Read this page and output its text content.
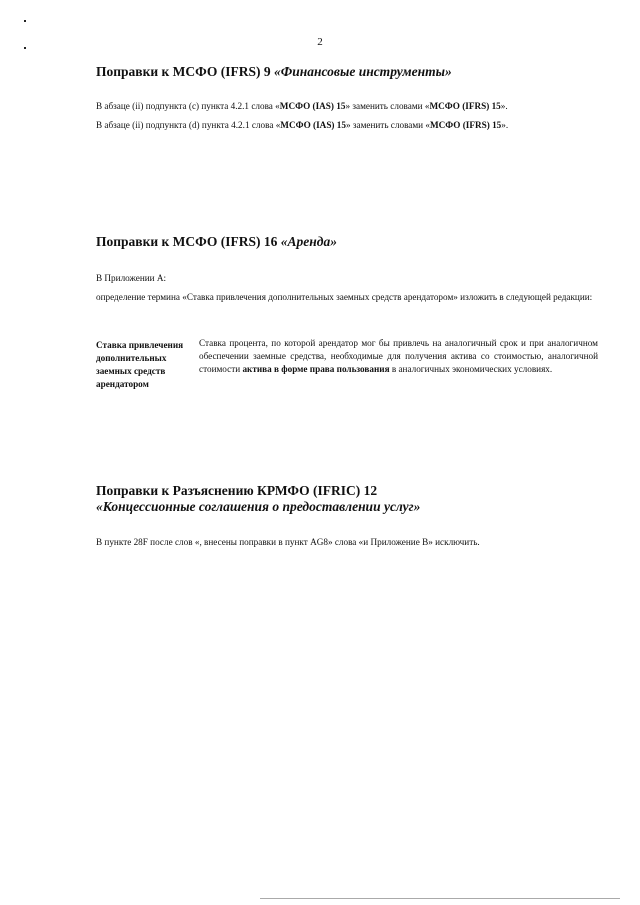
2
Поправки к МСФО (IFRS) 9 «Финансовые инструменты»
В абзаце (ii) подпункта (c) пункта 4.2.1 слова «МСФО (IAS) 15» заменить словами «МСФО (IFRS) 15».
В абзаце (ii) подпункта (d) пункта 4.2.1 слова «МСФО (IAS) 15» заменить словами «МСФО (IFRS) 15».
Поправки к МСФО (IFRS) 16 «Аренда»
В Приложении А:
определение термина «Ставка привлечения дополнительных заемных средств арендатором» изложить в следующей редакции:
Ставка привлечения дополнительных заемных средств арендатором
Ставка процента, по которой арендатор мог бы привлечь на аналогичный срок и при аналогичном обеспечении заемные средства, необходимые для получения актива со стоимостью, аналогичной стоимости актива в форме права пользования в аналогичных экономических условиях.
Поправки к Разъяснению КРМФО (IFRIC) 12
«Концессионные соглашения о предоставлении услуг»
В пункте 28F после слов «, внесены поправки в пункт AG8» слова «и Приложение B» исключить.
